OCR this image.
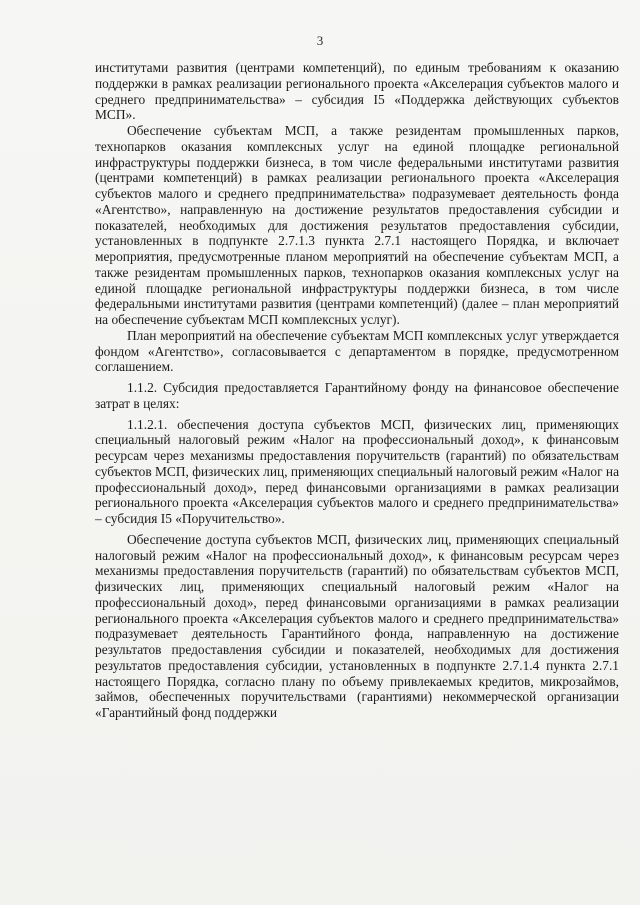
3

институтами развития (центрами компетенций), по единым требованиям к оказанию поддержки в рамках реализации регионального проекта «Акселерация субъектов малого и среднего предпринимательства» – субсидия I5 «Поддержка действующих субъектов МСП».

Обеспечение субъектам МСП, а также резидентам промышленных парков, технопарков оказания комплексных услуг на единой площадке региональной инфраструктуры поддержки бизнеса, в том числе федеральными институтами развития (центрами компетенций) в рамках реализации регионального проекта «Акселерация субъектов малого и среднего предпринимательства» подразумевает деятельность фонда «Агентство», направленную на достижение результатов предоставления субсидии и показателей, необходимых для достижения результатов предоставления субсидии, установленных в подпункте 2.7.1.3 пункта 2.7.1 настоящего Порядка, и включает мероприятия, предусмотренные планом мероприятий на обеспечение субъектам МСП, а также резидентам промышленных парков, технопарков оказания комплексных услуг на единой площадке региональной инфраструктуры поддержки бизнеса, в том числе федеральными институтами развития (центрами компетенций) (далее – план мероприятий на обеспечение субъектам МСП комплексных услуг).

План мероприятий на обеспечение субъектам МСП комплексных услуг утверждается фондом «Агентство», согласовывается с департаментом в порядке, предусмотренном соглашением.

1.1.2. Субсидия предоставляется Гарантийному фонду на финансовое обеспечение затрат в целях:

1.1.2.1. обеспечения доступа субъектов МСП, физических лиц, применяющих специальный налоговый режим «Налог на профессиональный доход», к финансовым ресурсам через механизмы предоставления поручительств (гарантий) по обязательствам субъектов МСП, физических лиц, применяющих специальный налоговый режим «Налог на профессиональный доход», перед финансовыми организациями в рамках реализации регионального проекта «Акселерация субъектов малого и среднего предпринимательства» – субсидия I5 «Поручительство».

Обеспечение доступа субъектов МСП, физических лиц, применяющих специальный налоговый режим «Налог на профессиональный доход», к финансовым ресурсам через механизмы предоставления поручительств (гарантий) по обязательствам субъектов МСП, физических лиц, применяющих специальный налоговый режим «Налог на профессиональный доход», перед финансовыми организациями в рамках реализации регионального проекта «Акселерация субъектов малого и среднего предпринимательства» подразумевает деятельность Гарантийного фонда, направленную на достижение результатов предоставления субсидии и показателей, необходимых для достижения результатов предоставления субсидии, установленных в подпункте 2.7.1.4 пункта 2.7.1 настоящего Порядка, согласно плану по объему привлекаемых кредитов, микрозаймов, займов, обеспеченных поручительствами (гарантиями) некоммерческой организации «Гарантийный фонд поддержки
